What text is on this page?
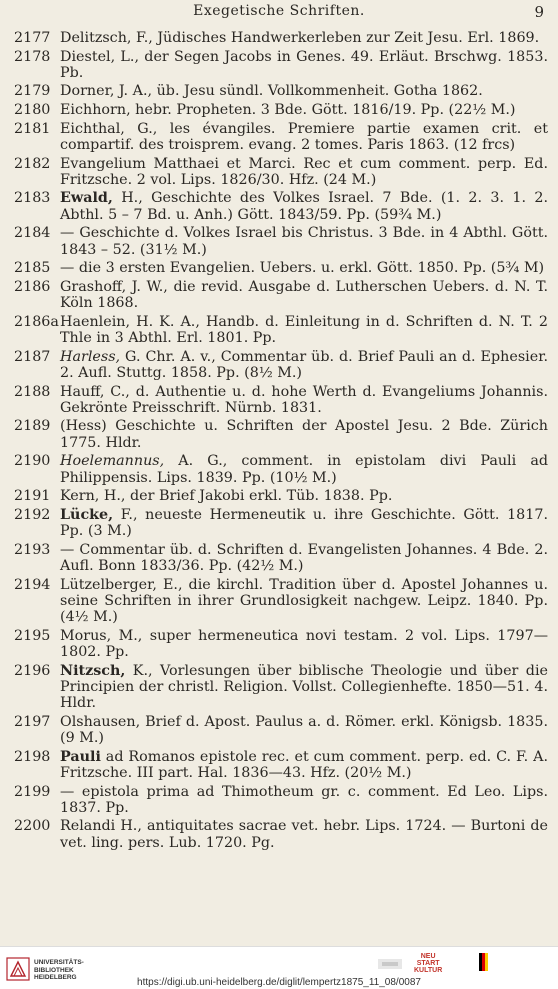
Exegetische Schriften.	9
2177 Delitzsch, F., Jüdisches Handwerkerleben zur Zeit Jesu. Erl. 1869.
2178 Diestel, L., der Segen Jacobs in Genes. 49. Erläut. Brschwg. 1853. Pb.
2179 Dorner, J. A., üb. Jesu sündl. Vollkommenheit. Gotha 1862.
2180 Eichhorn, hebr. Propheten. 3 Bde. Gött. 1816/19. Pp. (22½ M.)
2181 Eichthal, G., les évangiles. Premiere partie examen crit. et compartif. des troisprem. evang. 2 tomes. Paris 1863. (12 frcs)
2182 Evangelium Matthaei et Marci. Rec et cum comment. perp. Ed. Fritzsche. 2 vol. Lips. 1826/30. Hfz. (24 M.)
2183 Ewald, H., Geschichte des Volkes Israel. 7 Bde. (1. 2. 3. 1. 2. Abthl. 5 – 7 Bd. u. Anh.) Gött. 1843/59. Pp. (59¾ M.)
2184 — Geschichte d. Volkes Israel bis Christus. 3 Bde. in 4 Abthl. Gött. 1843 – 52. (31½ M.)
2185 — die 3 ersten Evangelien. Uebers. u. erkl. Gött. 1850. Pp. (5¾ M)
2186 Grashoff, J. W., die revid. Ausgabe d. Lutherschen Uebers. d. N. T. Köln 1868.
2186a Haenlein, H. K. A., Handb. d. Einleitung in d. Schriften d. N. T. 2 Thle in 3 Abthl. Erl. 1801. Pp.
2187 Harless, G. Chr. A. v., Commentar üb. d. Brief Pauli an d. Ephesier. 2. Aufl. Stuttg. 1858. Pp. (8½ M.)
2188 Hauff, C., d. Authentie u. d. hohe Werth d. Evangeliums Johannis. Gekrönte Preisschrift. Nürnb. 1831.
2189 (Hess) Geschichte u. Schriften der Apostel Jesu. 2 Bde. Zürich 1775. Hldr.
2190 Hoelemannus, A. G., comment. in epistolam divi Pauli ad Philippensis. Lips. 1839. Pp. (10½ M.)
2191 Kern, H., der Brief Jakobi erkl. Tüb. 1838. Pp.
2192 Lücke, F., neueste Hermeneutik u. ihre Geschichte. Gött. 1817. Pp. (3 M.)
2193 — Commentar üb. d. Schriften d. Evangelisten Johannes. 4 Bde. 2. Aufl. Bonn 1833/36. Pp. (42½ M.)
2194 Lützelberger, E., die kirchl. Tradition über d. Apostel Johannes u. seine Schriften in ihrer Grundlosigkeit nachgew. Leipz. 1840. Pp. (4½ M.)
2195 Morus, M., super hermeneutica novi testam. 2 vol. Lips. 1797—1802. Pp.
2196 Nitzsch, K., Vorlesungen über biblische Theologie und über die Principien der christl. Religion. Vollst. Collegienhefte. 1850—51. 4. Hldr.
2197 Olshausen, Brief d. Apost. Paulus a. d. Römer. erkl. Königsb. 1835. (9 M.)
2198 Pauli ad Romanos epistole rec. et cum comment. perp. ed. C. F. A. Fritzsche. III part. Hal. 1836—43. Hfz. (20½ M.)
2199 — epistola prima ad Thimotheum gr. c. comment. Ed Leo. Lips. 1837. Pp.
2200 Relandi H., antiquitates sacrae vet. hebr. Lips. 1724. — Burtoni de vet. ling. pers. Lub. 1720. Pg.
UNIVERSITÄTS-
BIBLIOTHEK
HEIDELBERG
NEU
START
KULTUR
https://digi.ub.uni-heidelberg.de/diglit/lempertz1875_11_08/0087
